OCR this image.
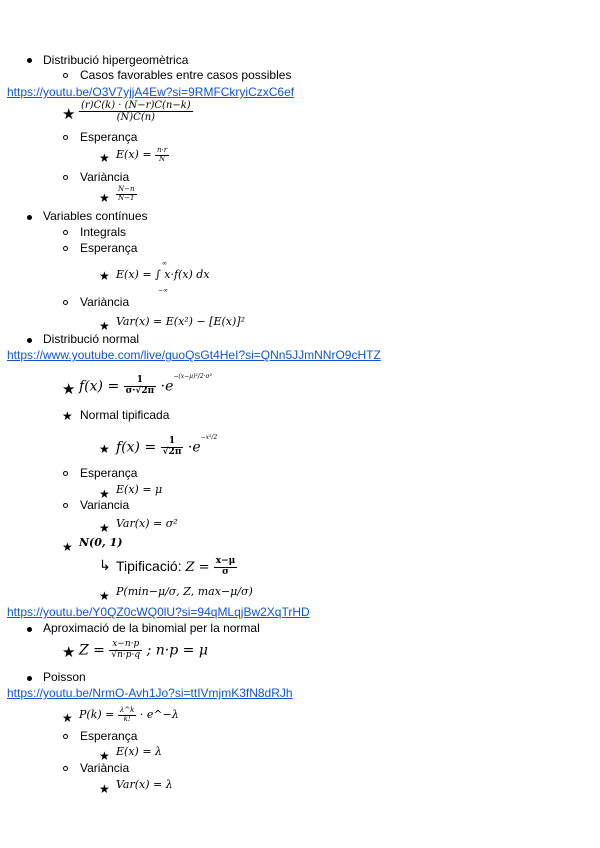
Distribució hipergeomètrica
Casos favorables entre casos possibles
https://youtu.be/O3V7yjjA4Ew?si=9RMFCkryiCzxC6ef
★ $\frac{(r)C(k) \cdot (N-r)C(n-k)}{(N)C(n)}$
Esperança
★ $E(x) = \frac{n\cdot r}{N}$
Variància
★ $\frac{N-n}{N-1}$
Variables contínues
Integrals
Esperança
★
∞
E(x) = ∫ x·f(x) dx
−∞
Variància
★ Var(x) = E(x²) − [E(x)]²
Distribució normal
https://www.youtube.com/live/guoQsGt4HeI?si=QNn5JJmNNrO9cHTZ
★ $f(x) = \frac{1}{\sigma\cdot√2\pi} \cdot e^{-(x-\mu)^2/2\cdot\sigma^2}$
★ Normal tipificada
★ $f(x) = \frac{1}{√2\pi} \cdot e^{-x^2/2}$
Esperança
★ E(x) = μ
Variancia
★ Var(x) = σ²
★ N(0, 1)
↳ Tipificació: $Z = \frac{x-\mu}{\sigma}$
★ P(min−μ/σ, Z, max−μ/σ)
https://youtu.be/Y0QZ0cWQ0lU?si=94qMLqjBw2XqTrHD
Aproximació de la binomial per la normal
★ $Z = \frac{x-n\cdot p}{√n\cdot p\cdot q}$ ; n·p = μ
Poisson
https://youtu.be/NrmO-Avh1Jo?si=ttIVmjmK3fN8dRJh
★ $P(k) = \frac{\lambda\^{}k}{k!}$ · e^−λ
Esperança
★ E(x) = λ
Variància
★ Var(x) = λ
